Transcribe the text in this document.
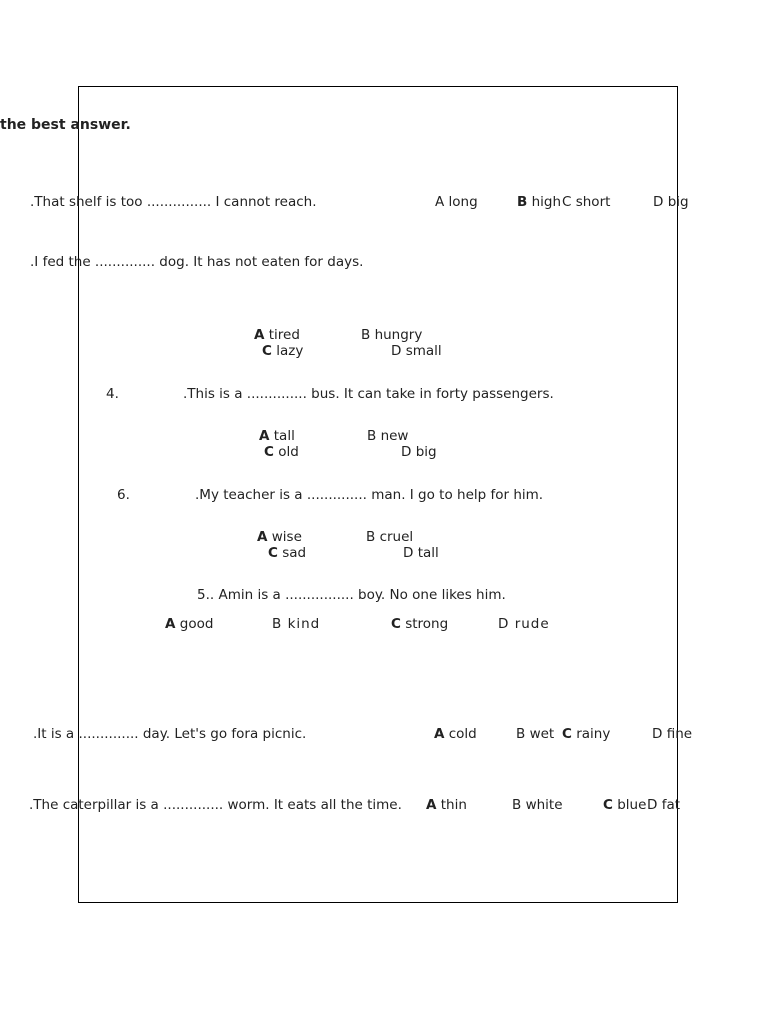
the best answer.
.That shelf is too ............... I cannot reach.	A long	B high C short	D big
.I fed the .............. dog. It has not eaten for days.
A tired	B hungry
C lazy	D small
4.	.This is a .............. bus. It can take in forty passengers.
A tall	B new
C old	D big
6.	.My teacher is a .............. man. I go to help for him.
A wise	B cruel
C sad	D tall
5.. Amin is a ................ boy. No one likes him.
A good	B kind	C strong	D rude
.It is a .............. day. Let's go fora picnic.	A cold	B wet C rainy	D fine
.The caterpillar is a .............. worm. It eats all the time. A thin	B white	C blue D fat
